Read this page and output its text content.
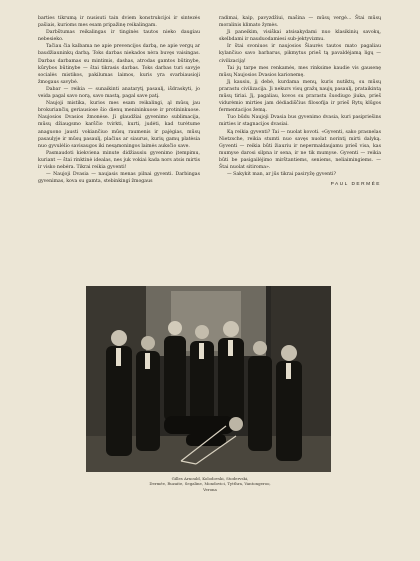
barties tikrumą ir nusisuti tain dviem konstrukcijoi ir sintezės pašiais, kurioms mes esam pripažinę reikalingam.

Darbštumas reikalingas ir tinginės tautos nieko daugiau nebesieko.

Tačiau čia kalbama ne apie prevencijos darbą, ne apie vergų ar baudžiauninkų darbą. Toks darbas niekados nėra buvęs vaisingas. Darbas darbamas su mintimis, dashas, atrodas gamtos būtinybe, kūrybos būtinybe — štai tikrasis darbas. Toks darbas turi savyje socialės mistikos, pakilumas laimos, kuris yra svarbiausioji žmogaus savybė.

Dabar — reikia — sunaikinti anatarytį pasaulį, išdraskyti, jo veida pagal savo norą, savo mastą, pagal save patį.

Naujoji mistika, kurios mes esam reikalingi, ąl mūsų jau brokuriančių geriausiose šio dienų menininkuose ir protininkuose. Naujosios Dvasios žmonėse. Ji glaudžiai gyvenimo sublimacija, mūsų džiaugsmo karščio tvirkti, kurti, judėti, kad turėtume anaguono jausti vokiančiuo mūsų raumenis ir pajėgias, mūsų pasaulyje ir mūsų pasaulį, plačius ar siaurus, kurių gamų platėsia nuo gyvulėlio savisaugos iki nesąmoningos laimės auksčio save.

Pasmaudoti kiekviena minute didžiausiu gyvenimo įtempimu, kuriant — štai rinktinė idealas, nes juk vokiai kada nors atsis mirtis ir visko nebėra. Tikrai reikia gyventi!

— Naujoji Dvasia — naujasis menas pilnai gyventi. Darbingas gyvenimas, kova su gamta, stebinkingi žmogaus

radimai, kaip, pavyzdžiui, mašina — mūsų vergė... Štai mūsų moralinis klimato žymės.

Ji paneikim, visiškai atsisakydami nuo klasikinių savokų, skelbdami ir nauduodamiesi sub-jektyvizmu.

Ir štai svoniuos ir naujosios Šiaurės tautos mato pagaliau kylančiuo savo barbarus, pikmytus prieš tą pavaldėjamą ligų — civilizaciją!

Tai jų tarpe mes renkamės, mes rinksime kaudie vis gausenę mūsų Naujosios Dvasios karionemę.

Jį kausiu, jį debė, kurdama menų, kuris nutiktų, su mūsų prarastu civilizacija. Ji nekurs visų gražų naujų pasaulį, prataikintą mūsų tiriai. Jį, pagaliau, kovos su prarastu šuodiugo jiuka, prieš vidurėmio mirties jam dėdiadiščius filosofija ir prieš Rytų klūgos fermentacijos žemą.

Tuo būdu Naujoji Dvasia bus gyvenimo dvasia, kuri pasipriešins mirties ir stagnacijos dvasiai.

Ką reikia gyventi? Tai — nuolat kovoti. «Gyventi, sako prasnelas Nietzsche, reikia stumti nuo savęs nuolat norintį mirti dalyką. Gyventi — reikia būti žiauriu ir nepermaldaujamu prieš visa, kas mumyse darosi silpna ir sena, ir ne tik mumyse. Gyventi — reikia būti be pasigailėjimo mirštantiems, seniems, neliaimingiems. — Štai nuolat sitiroma».

— Sakykit man, ar jūs tikrai pasiryžę gyventi?

PAUL DERMÉE
Gilles Arnould, Kolodovski, Stodervski,
Dermée, Ruzaite, Segaline, Mondovici, Tytthra, Vantongeroo,
Verona
